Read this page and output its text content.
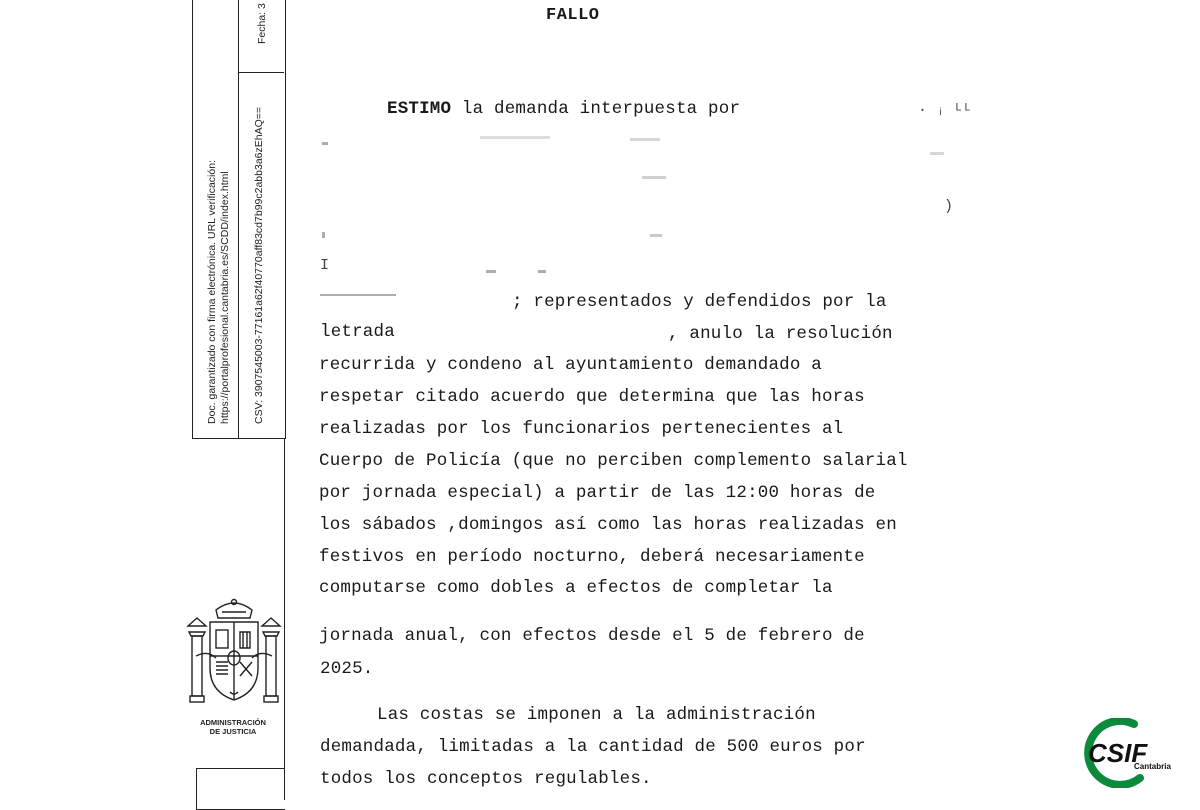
Fecha: 3
Doc. garantizado con firma electrónica. URL verificación: https://portalprofesional.cantabria.es/SCDD/index.html CSV: 3907545003-77161a62f40770aff83cd7b99c2abb3a6zEhAQ==
ADMINISTRACIÓN
DE JUSTICIA
FALLO
ESTIMO la demanda interpuesta por	· ᵢ ᴸᴸ
)
I
; representados y defendidos por la
letrada	, anulo la resolución
recurrida y condeno al ayuntamiento demandado a
respetar citado acuerdo que determina que las horas
realizadas por los funcionarios pertenecientes al
Cuerpo de Policía (que no perciben complemento salarial
por jornada especial) a partir de las 12:00 horas de
los sábados ,domingos así como las horas realizadas en
festivos en período nocturno, deberá necesariamente
computarse como dobles a efectos de completar la
jornada anual, con efectos desde el 5 de febrero de
2025.
Las costas se imponen a la administración
demandada, limitadas a la cantidad de 500 euros por
todos los conceptos regulables.
CSIF
Cantabria
